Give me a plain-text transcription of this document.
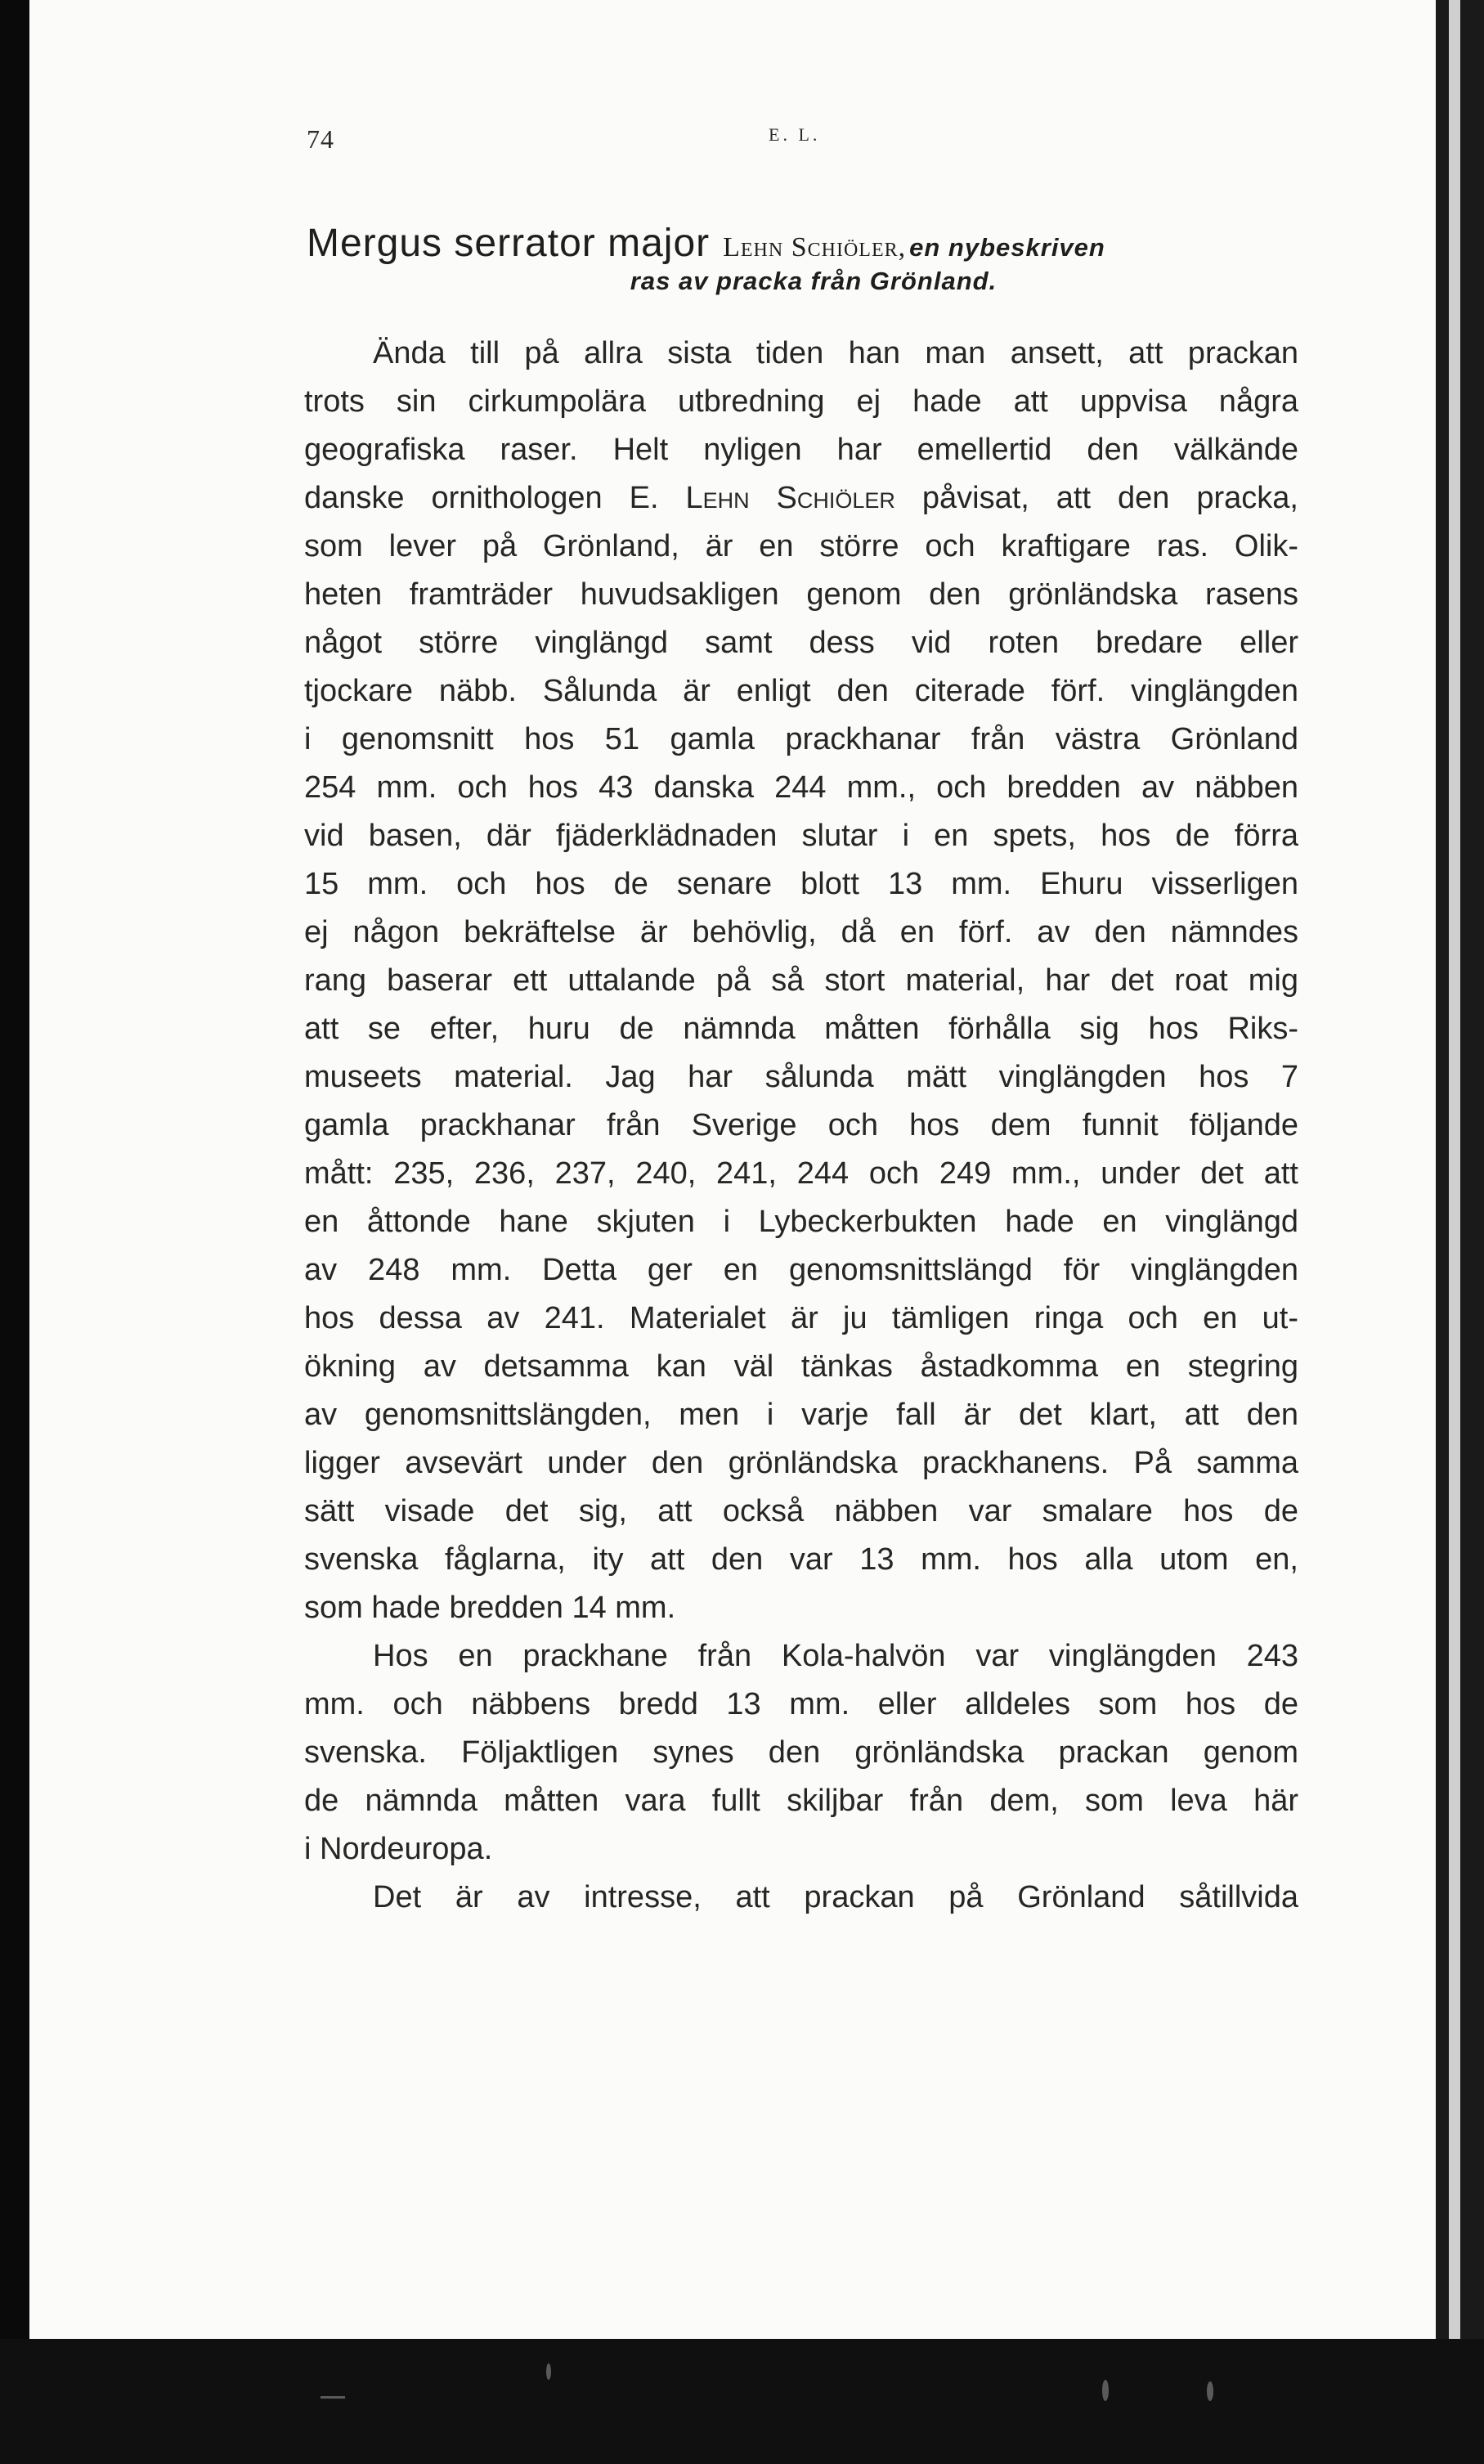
74	E. L.
Mergus serrator major Lehn Schiöler, en nybeskriven
ras av pracka från Grönland.
Ända till på allra sista tiden han man ansett, att prackan
trots sin cirkumpolära utbredning ej hade att uppvisa några
geografiska raser. Helt nyligen har emellertid den välkände
danske ornithologen E. Lehn Schiöler påvisat, att den pracka,
som lever på Grönland, är en större och kraftigare ras. Olik-
heten framträder huvudsakligen genom den grönländska rasens
något större vinglängd samt dess vid roten bredare eller
tjockare näbb. Sålunda är enligt den citerade förf. vinglängden
i genomsnitt hos 51 gamla prackhanar från västra Grönland
254 mm. och hos 43 danska 244 mm., och bredden av näbben
vid basen, där fjäderklädnaden slutar i en spets, hos de förra
15 mm. och hos de senare blott 13 mm. Ehuru visserligen
ej någon bekräftelse är behövlig, då en förf. av den nämndes
rang baserar ett uttalande på så stort material, har det roat mig
att se efter, huru de nämnda måtten förhålla sig hos Riks-
museets material. Jag har sålunda mätt vinglängden hos 7
gamla prackhanar från Sverige och hos dem funnit följande
mått: 235, 236, 237, 240, 241, 244 och 249 mm., under det att
en åttonde hane skjuten i Lybeckerbukten hade en vinglängd
av 248 mm. Detta ger en genomsnittslängd för vinglängden
hos dessa av 241. Materialet är ju tämligen ringa och en ut-
ökning av detsamma kan väl tänkas åstadkomma en stegring
av genomsnittslängden, men i varje fall är det klart, att den
ligger avsevärt under den grönländska prackhanens. På samma
sätt visade det sig, att också näbben var smalare hos de
svenska fåglarna, ity att den var 13 mm. hos alla utom en,
som hade bredden 14 mm.
Hos en prackhane från Kola-halvön var vinglängden 243
mm. och näbbens bredd 13 mm. eller alldeles som hos de
svenska. Följaktligen synes den grönländska prackan genom
de nämnda måtten vara fullt skiljbar från dem, som leva här
i Nordeuropa.
Det är av intresse, att prackan på Grönland såtillvida
